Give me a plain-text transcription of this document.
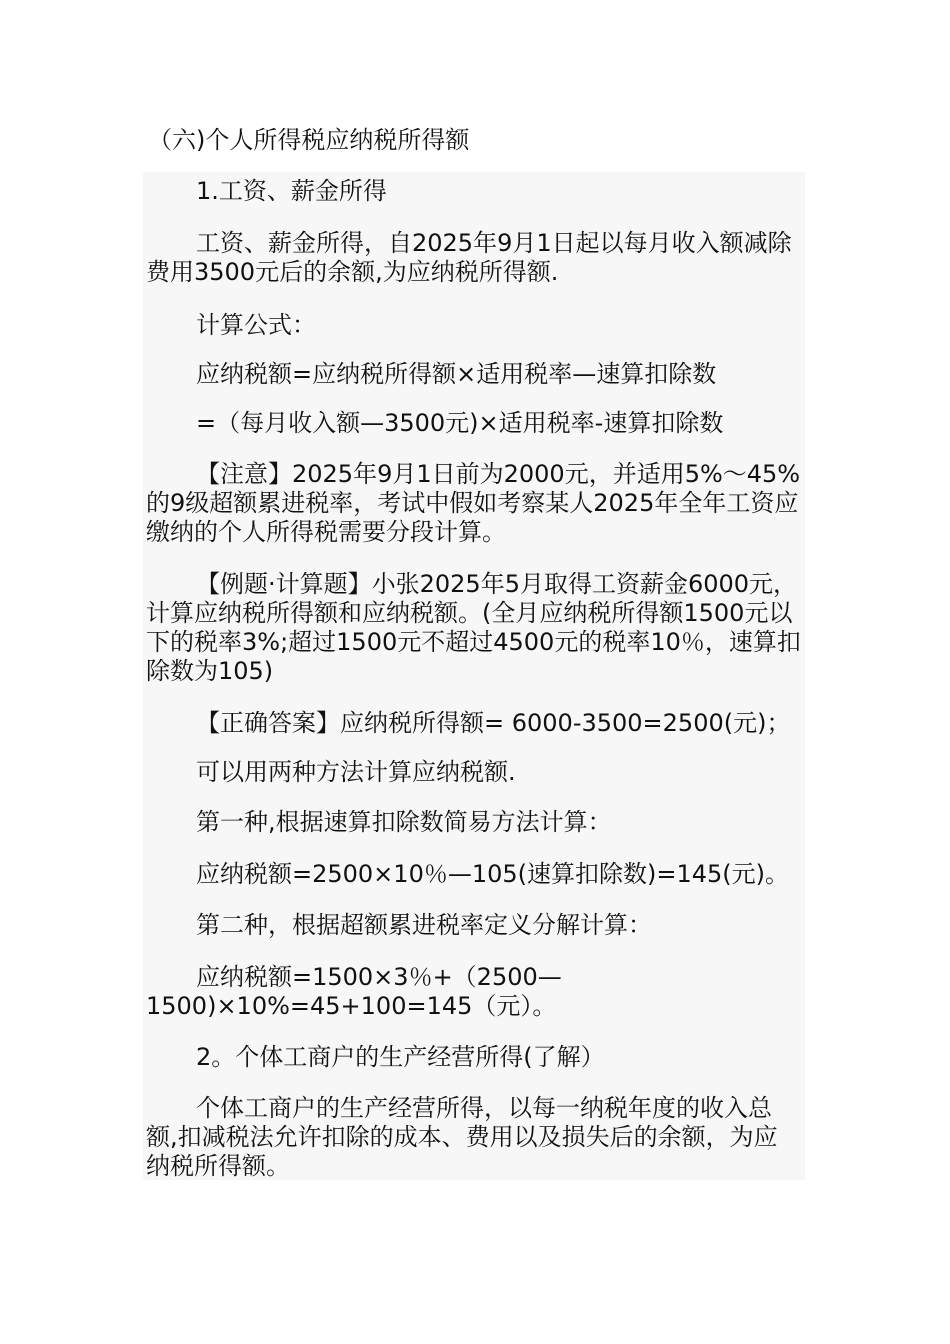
（六)个人所得税应纳税所得额

1.工资、薪金所得

工资、薪金所得，自2025年9月1日起以每月收入额减除费用3500元后的余额,为应纳税所得额.

计算公式：

应纳税额=应纳税所得额×适用税率—速算扣除数

=（每月收入额—3500元)×适用税率-速算扣除数

【注意】2025年9月1日前为2000元，并适用5%～45%的9级超额累进税率，考试中假如考察某人2025年全年工资应缴纳的个人所得税需要分段计算。

【例题·计算题】小张2025年5月取得工资薪金6000元，计算应纳税所得额和应纳税额。(全月应纳税所得额1500元以下的税率3%;超过1500元不超过4500元的税率10％，速算扣除数为105)

【正确答案】应纳税所得额= 6000-3500=2500(元)；

可以用两种方法计算应纳税额.

第一种,根据速算扣除数简易方法计算：

应纳税额=2500×10％—105(速算扣除数)=145(元)。

第二种，根据超额累进税率定义分解计算：

应纳税额=1500×3％+（2500—1500)×10%=45+100=145（元）。

2。个体工商户的生产经营所得(了解）

个体工商户的生产经营所得，以每一纳税年度的收入总额,扣减税法允许扣除的成本、费用以及损失后的余额，为应纳税所得额。
